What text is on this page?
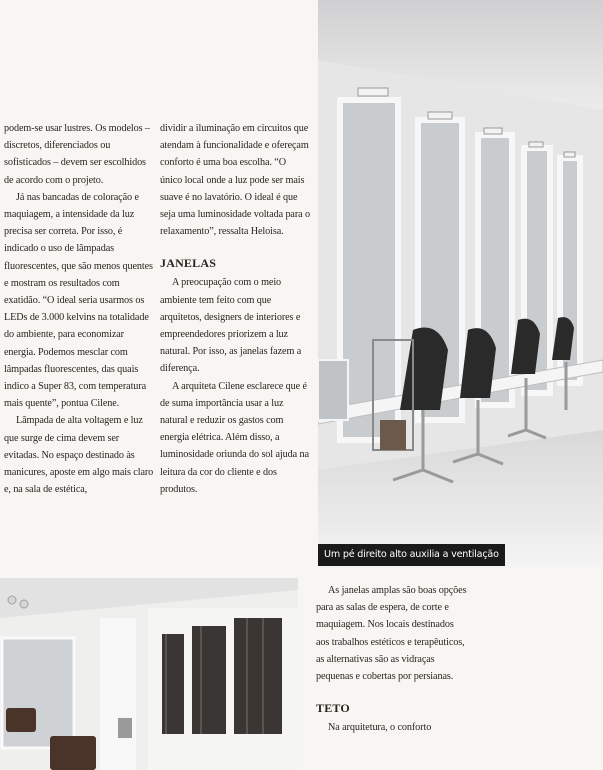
podem-se usar lustres. Os modelos – discretos, diferenciados ou sofisticados – devem ser escolhidos de acordo com o projeto.

Já nas bancadas de coloração e maquiagem, a intensidade da luz precisa ser correta. Por isso, é indicado o uso de lâmpadas fluorescentes, que são menos quentes e mostram os resultados com exatidão. “O ideal seria usarmos os LEDs de 3.000 kelvins na totalidade do ambiente, para economizar energia. Podemos mesclar com lâmpadas fluorescentes, das quais indico a Super 83, com temperatura mais quente”, pontua Cilene.

Lâmpada de alta voltagem e luz que surge de cima devem ser evitadas. No espaço destinado às manicures, aposte em algo mais claro e, na sala de estética,

dividir a iluminação em circuitos que atendam à funcionalidade e ofereçam conforto é uma boa escolha. “O único local onde a luz pode ser mais suave é no lavatório. O ideal é que seja uma luminosidade voltada para o relaxamento”, ressalta Heloisa.

JANELAS

A preocupação com o meio ambiente tem feito com que arquitetos, designers de interiores e empreendedores priorizem a luz natural. Por isso, as janelas fazem a diferença.

A arquiteta Cilene esclarece que é de suma importância usar a luz natural e reduzir os gastos com energia elétrica. Além disso, a luminosidade oriunda do sol ajuda na leitura da cor do cliente e dos produtos.

Um pé direito alto auxilia a ventilação

As janelas amplas são boas opções para as salas de espera, de corte e maquiagem. Nos locais destinados aos trabalhos estéticos e terapêuticos, as alternativas são as vidraças pequenas e cobertas por persianas.

TETO

Na arquitetura, o conforto
